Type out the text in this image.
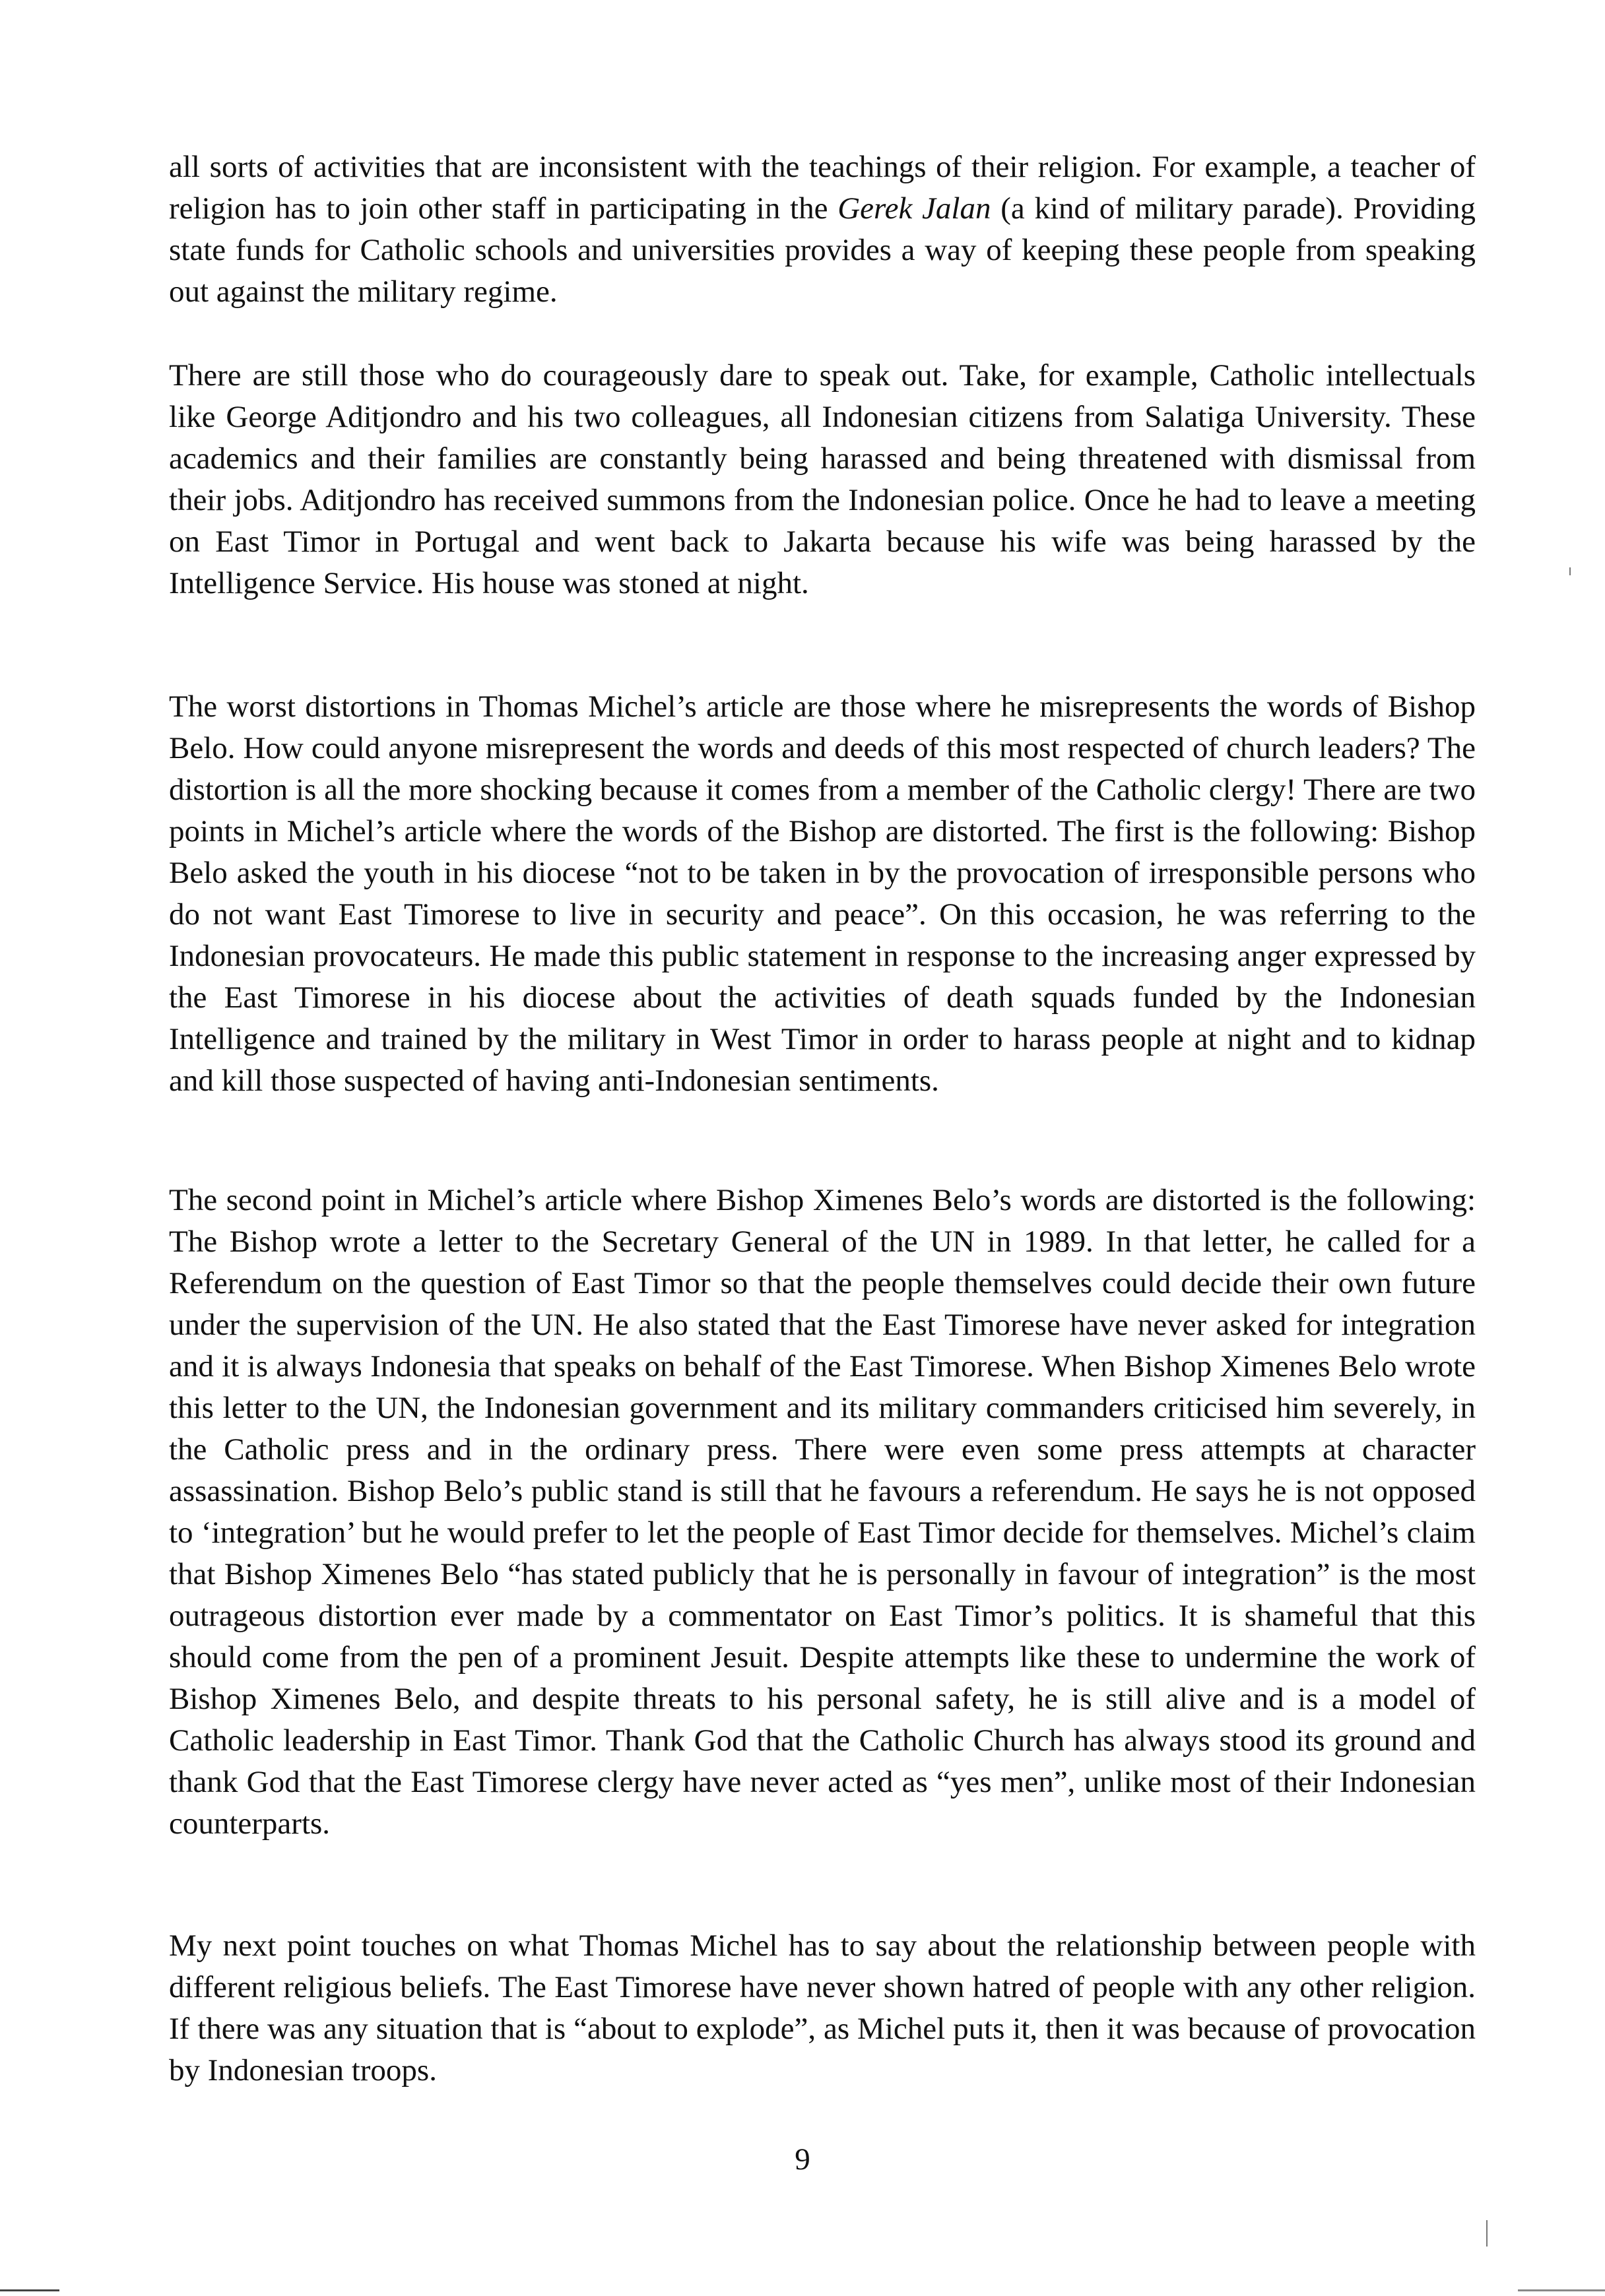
all sorts of activities that are inconsistent with the teachings of their religion. For example, a teacher of religion has to join other staff in participating in the Gerek Jalan (a kind of military parade). Providing state funds for Catholic schools and universities provides a way of keeping these people from speaking out against the military regime.

There are still those who do courageously dare to speak out. Take, for example, Catholic intellectuals like George Aditjondro and his two colleagues, all Indonesian citizens from Salatiga University. These academics and their families are constantly being harassed and being threatened with dismissal from their jobs. Aditjondro has received summons from the Indonesian police. Once he had to leave a meeting on East Timor in Portugal and went back to Jakarta because his wife was being harassed by the Intelligence Service. His house was stoned at night.

The worst distortions in Thomas Michel’s article are those where he misrepresents the words of Bishop Belo. How could anyone misrepresent the words and deeds of this most respected of church leaders? The distortion is all the more shocking because it comes from a member of the Catholic clergy! There are two points in Michel’s article where the words of the Bishop are distorted. The first is the following: Bishop Belo asked the youth in his diocese “not to be taken in by the provocation of irresponsible persons who do not want East Timorese to live in security and peace”. On this occasion, he was referring to the Indonesian provocateurs. He made this public statement in response to the increasing anger expressed by the East Timorese in his diocese about the activities of death squads funded by the Indonesian Intelligence and trained by the military in West Timor in order to harass people at night and to kidnap and kill those suspected of having anti-Indonesian sentiments.

The second point in Michel’s article where Bishop Ximenes Belo’s words are distorted is the following: The Bishop wrote a letter to the Secretary General of the UN in 1989. In that letter, he called for a Referendum on the question of East Timor so that the people themselves could decide their own future under the supervision of the UN. He also stated that the East Timorese have never asked for integration and it is always Indonesia that speaks on behalf of the East Timorese. When Bishop Ximenes Belo wrote this letter to the UN, the Indonesian government and its military commanders criticised him severely, in the Catholic press and in the ordinary press. There were even some press attempts at character assassination. Bishop Belo’s public stand is still that he favours a referendum. He says he is not opposed to ‘integration’ but he would prefer to let the people of East Timor decide for themselves. Michel’s claim that Bishop Ximenes Belo “has stated publicly that he is personally in favour of integration” is the most outrageous distortion ever made by a commentator on East Timor’s politics. It is shameful that this should come from the pen of a prominent Jesuit. Despite attempts like these to undermine the work of Bishop Ximenes Belo, and despite threats to his personal safety, he is still alive and is a model of Catholic leadership in East Timor. Thank God that the Catholic Church has always stood its ground and thank God that the East Timorese clergy have never acted as “yes men”, unlike most of their Indonesian counterparts.

My next point touches on what Thomas Michel has to say about the relationship between people with different religious beliefs. The East Timorese have never shown hatred of people with any other religion. If there was any situation that is “about to explode”, as Michel puts it, then it was because of provocation by Indonesian troops.

9
